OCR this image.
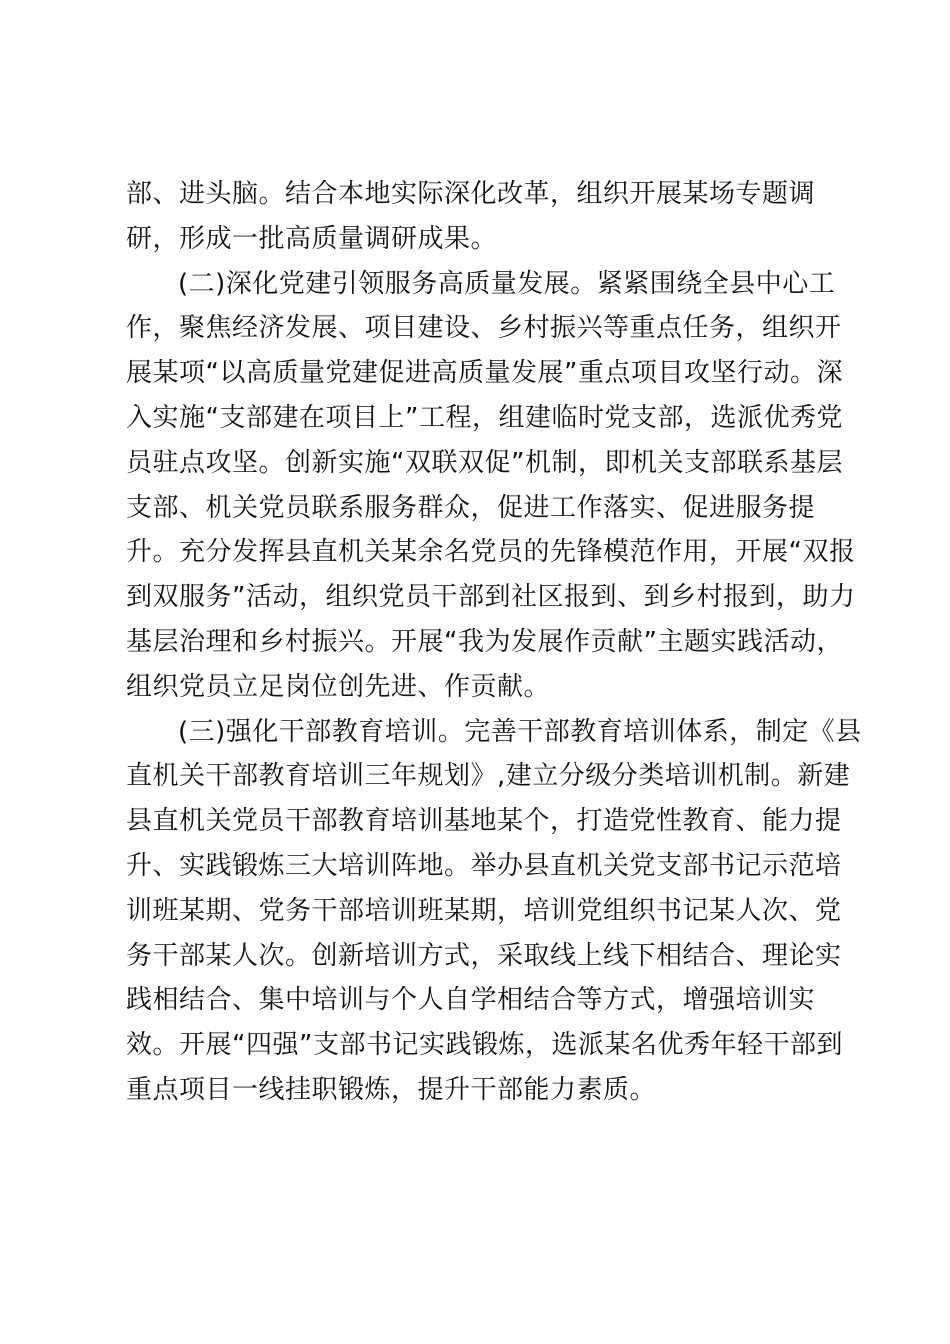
部、进头脑。结合本地实际深化改革，组织开展某场专题调
研，形成一批高质量调研成果。
(二)深化党建引领服务高质量发展。紧紧围绕全县中心工
作，聚焦经济发展、项目建设、乡村振兴等重点任务，组织开
展某项“以高质量党建促进高质量发展”重点项目攻坚行动。深
入实施“支部建在项目上”工程，组建临时党支部，选派优秀党
员驻点攻坚。创新实施“双联双促”机制，即机关支部联系基层
支部、机关党员联系服务群众，促进工作落实、促进服务提
升。充分发挥县直机关某余名党员的先锋模范作用，开展“双报
到双服务”活动，组织党员干部到社区报到、到乡村报到，助力
基层治理和乡村振兴。开展“我为发展作贡献”主题实践活动，
组织党员立足岗位创先进、作贡献。
(三)强化干部教育培训。完善干部教育培训体系，制定《县
直机关干部教育培训三年规划》,建立分级分类培训机制。新建
县直机关党员干部教育培训基地某个，打造党性教育、能力提
升、实践锻炼三大培训阵地。举办县直机关党支部书记示范培
训班某期、党务干部培训班某期，培训党组织书记某人次、党
务干部某人次。创新培训方式，采取线上线下相结合、理论实
践相结合、集中培训与个人自学相结合等方式，增强培训实
效。开展“四强”支部书记实践锻炼，选派某名优秀年轻干部到
重点项目一线挂职锻炼，提升干部能力素质。
